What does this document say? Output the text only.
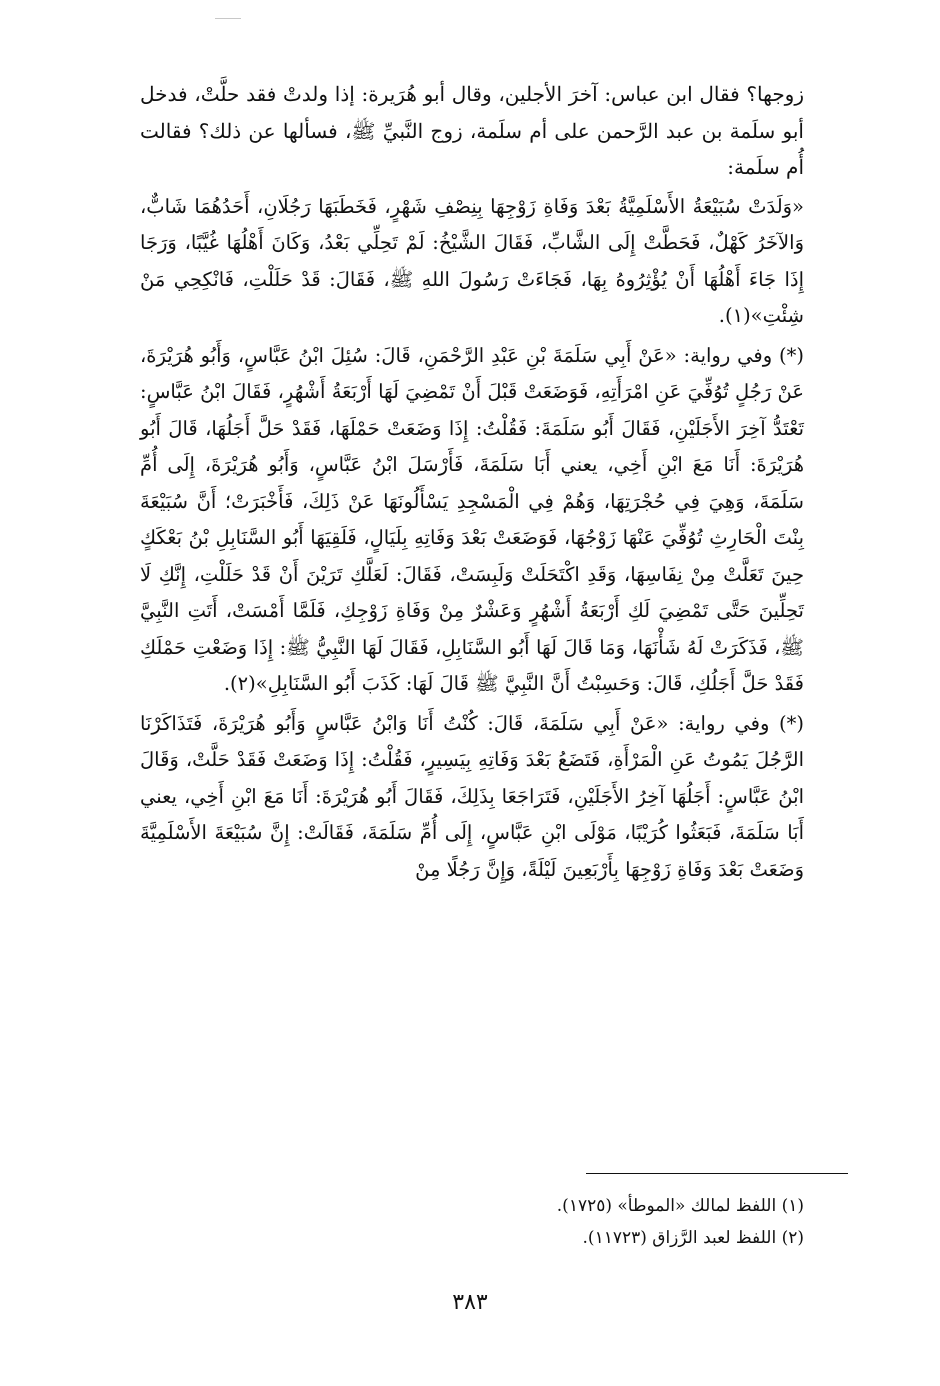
زوجها؟ فقال ابن عباس: آخرَ الأجلين، وقال أبو هُرَيرة: إذا ولدتْ فقد حلَّتْ، فدخل أبو سلَمة بن عبد الرَّحمن على أم سلَمة، زوج النَّبيِّ ﷺ، فسألها عن ذلك؟ فقالت أُم سلَمة:

«وَلَدَتْ سُبَيْعَةُ الأَسْلَمِيَّةُ بَعْدَ وَفَاةِ زَوْجِهَا بِنِصْفِ شَهْرٍ، فَخَطَبَهَا رَجُلَانِ، أَحَدُهُمَا شَابٌّ، وَالآخَرُ كَهْلٌ، فَحَطَّتْ إِلَى الشَّابِّ، فَقَالَ الشَّيْخُ: لَمْ تَحِلِّي بَعْدُ، وَكَانَ أَهْلُهَا غُيَّبًا، وَرَجَا إِذَا جَاءَ أَهْلُهَا أَنْ يُؤْثِرُوهُ بِهَا، فَجَاءَتْ رَسُولَ اللهِ ﷺ، فَقَالَ: قَدْ حَلَلْتِ، فَانْكِحِي مَنْ شِئْتِ»(١).

(*) وفي رواية: «عَنْ أَبِي سَلَمَةَ بْنِ عَبْدِ الرَّحْمَنِ، قَالَ: سُئِلَ ابْنُ عَبَّاسٍ، وَأَبُو هُرَيْرَةَ، عَنْ رَجُلٍ تُوُفِّيَ عَنِ امْرَأَتِهِ، فَوَضَعَتْ قَبْلَ أَنْ تَمْضِيَ لَهَا أَرْبَعَةُ أَشْهُرٍ، فَقَالَ ابْنُ عَبَّاسٍ: تَعْتَدُّ آخِرَ الأَجَلَيْنِ، فَقَالَ أَبُو سَلَمَةَ: فَقُلْتُ: إِذَا وَضَعَتْ حَمْلَهَا، فَقَدْ حَلَّ أَجَلُهَا، قَالَ أَبُو هُرَيْرَةَ: أَنَا مَعَ ابْنِ أَخِي، يعني أَبَا سَلَمَةَ، فَأَرْسَلَ ابْنُ عَبَّاسٍ، وَأَبُو هُرَيْرَةَ، إِلَى أُمِّ سَلَمَةَ، وَهِيَ فِي حُجْرَتِهَا، وَهُمْ فِي الْمَسْجِدِ يَسْأَلُونَهَا عَنْ ذَلِكَ، فَأَخْبَرَتْ؛ أَنَّ سُبَيْعَةَ بِنْتَ الْحَارِثِ تُوُفِّيَ عَنْهَا زَوْجُهَا، فَوَضَعَتْ بَعْدَ وَفَاتِهِ بِلَيَالٍ، فَلَقِيَهَا أَبُو السَّنَابِلِ بْنُ بَعْكَكٍ حِينَ تَعَلَّتْ مِنْ نِفَاسِهَا، وَقَدِ اكْتَحَلَتْ وَلَبِسَتْ، فَقَالَ: لَعَلَّكِ تَرَيْنَ أَنْ قَدْ حَلَلْتِ، إِنَّكِ لَا تَحِلِّينَ حَتَّى تَمْضِيَ لَكِ أَرْبَعَةُ أَشْهُرٍ وَعَشْرٌ مِنْ وَفَاةِ زَوْجِكِ، فَلَمَّا أَمْسَتْ، أَتَتِ النَّبِيَّ ﷺ، فَذَكَرَتْ لَهُ شَأْنَهَا، وَمَا قَالَ لَهَا أَبُو السَّنَابِلِ، فَقَالَ لَهَا النَّبِيُّ ﷺ: إِذَا وَضَعْتِ حَمْلَكِ فَقَدْ حَلَّ أَجَلُكِ، قَالَ: وَحَسِبْتُ أَنَّ النَّبِيَّ ﷺ قَالَ لَهَا: كَذَبَ أَبُو السَّنَابِلِ»(٢).

(*) وفي رواية: «عَنْ أَبِي سَلَمَةَ، قَالَ: كُنْتُ أَنَا وَابْنُ عَبَّاسٍ وَأَبُو هُرَيْرَةَ، فَتَذَاكَرْنَا الرَّجُلَ يَمُوتُ عَنِ الْمَرْأَةِ، فَتَضَعُ بَعْدَ وَفَاتِهِ بِيَسِيرٍ، فَقُلْتُ: إِذَا وَضَعَتْ فَقَدْ حَلَّتْ، وَقَالَ ابْنُ عَبَّاسٍ: أَجَلُهَا آخِرُ الأَجَلَيْنِ، فَتَرَاجَعَا بِذَلِكَ، فَقَالَ أَبُو هُرَيْرَةَ: أَنَا مَعَ ابْنِ أَخِي، يعني أَبَا سَلَمَةَ، فَبَعَثُوا كُرَيْبًا، مَوْلَى ابْنِ عَبَّاسٍ، إِلَى أُمِّ سَلَمَةَ، فَقَالَتْ: إِنَّ سُبَيْعَةَ الأَسْلَمِيَّةَ وَضَعَتْ بَعْدَ وَفَاةِ زَوْجِهَا بِأَرْبَعِينَ لَيْلَةً، وَإِنَّ رَجُلًا مِنْ

(١) اللفظ لمالك «الموطأ» (١٧٢٥).

(٢) اللفظ لعبد الرَّزاق (١١٧٢٣).

٣٨٣
